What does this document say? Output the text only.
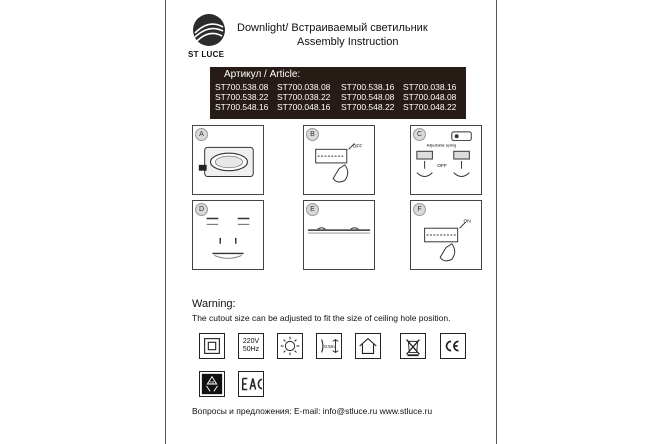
ST LUCE
Downlight/ Встраиваемый светильник
Assembly Instruction
Артикул / Article:
ST700.538.08	ST700.038.08	ST700.538.16	ST700.038.16
ST700.538.22	ST700.038.22	ST700.548.08	ST700.048.08
ST700.548.16	ST700.048.16	ST700.548.22	ST700.048.22
A
OFF
B
Adjustable spring
OFF
C
D	E
ON
F
Warning:
The cutout size can be adjusted to fit the size of ceiling hole position.
220V
50Hz	0.5m
20
Вопросы и предложения: E-mail: info@stluce.ru www.stluce.ru
